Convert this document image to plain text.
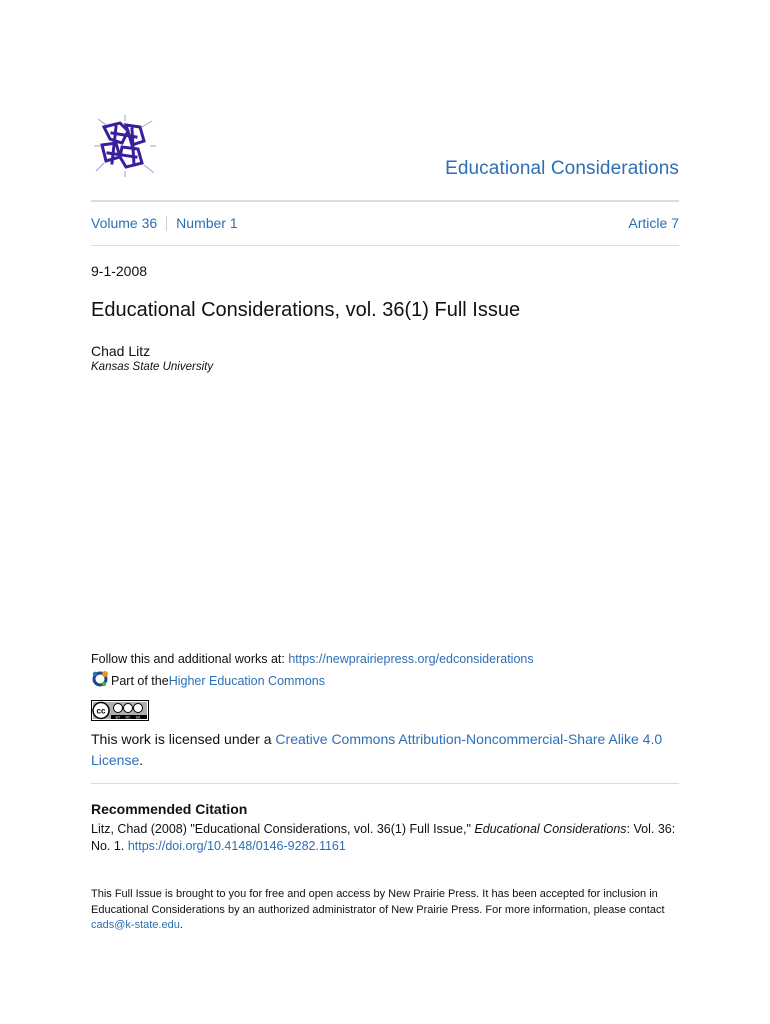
Educational Considerations
Volume 36 Number 1	Article 7
9-1-2008
Educational Considerations, vol. 36(1) Full Issue
Chad Litz
Kansas State University
Follow this and additional works at: https://newprairiepress.org/edconsiderations
Part of the Higher Education Commons
cc
BY NC SA
This work is licensed under a Creative Commons Attribution-Noncommercial-Share Alike 4.0 License.
Recommended Citation
Litz, Chad (2008) "Educational Considerations, vol. 36(1) Full Issue," Educational Considerations: Vol. 36: No. 1. https://doi.org/10.4148/0146-9282.1161
This Full Issue is brought to you for free and open access by New Prairie Press. It has been accepted for inclusion in Educational Considerations by an authorized administrator of New Prairie Press. For more information, please contact cads@k-state.edu.
